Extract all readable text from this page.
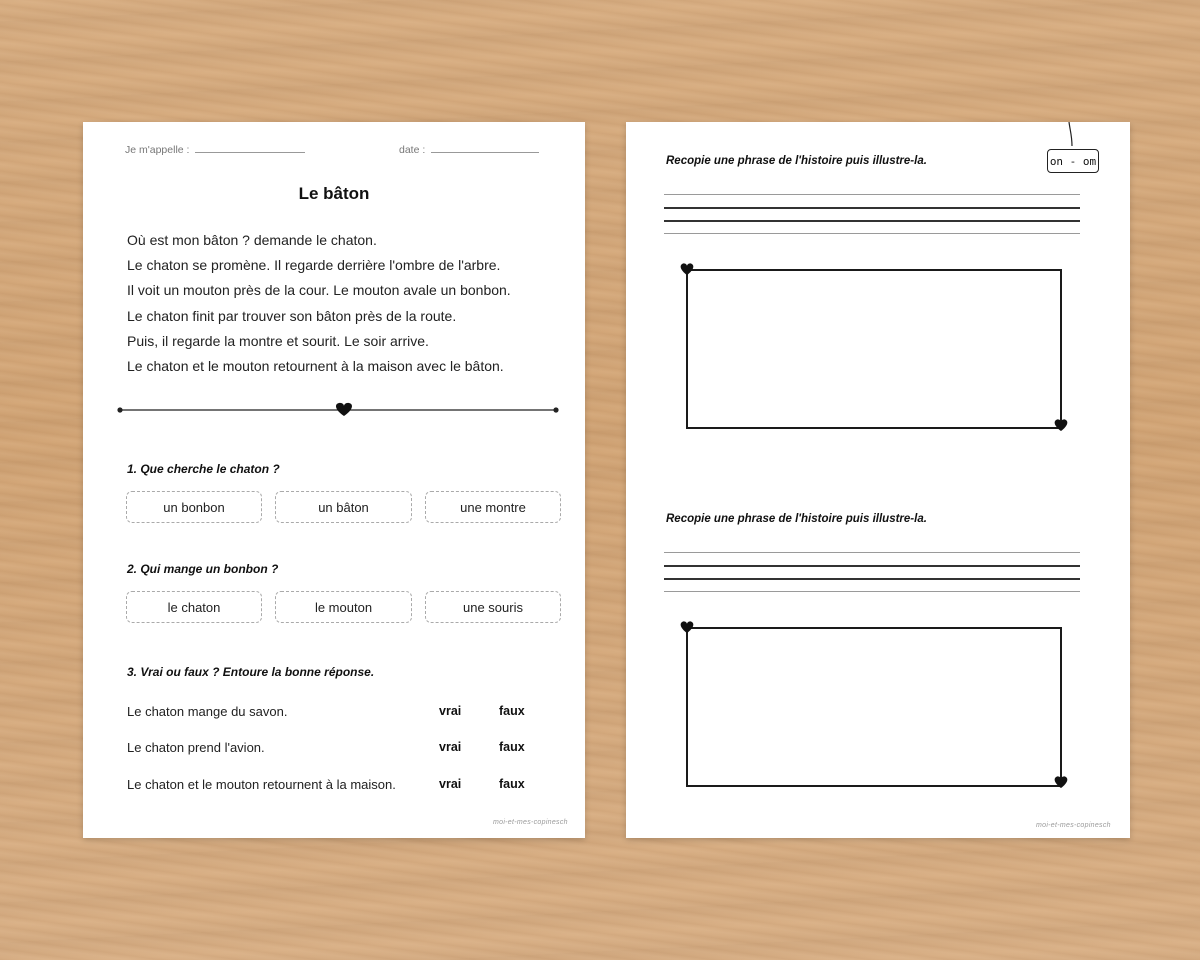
Je m'appelle :	date :
Le bâton

Où est mon bâton ? demande le chaton.

Le chaton se promène. Il regarde derrière l'ombre de l'arbre.

Il voit un mouton près de la cour. Le mouton avale un bonbon.

Le chaton finit par trouver son bâton près de la route.

Puis, il regarde la montre et sourit. Le soir arrive.

Le chaton et le mouton retournent à la maison avec le bâton.

1. Que cherche le chaton ?
un bonbon	un bâton	une montre
2. Qui mange un bonbon ?
le chaton	le mouton	une souris
3. Vrai ou faux ? Entoure la bonne réponse.
Le chaton mange du savon.	vrai	faux
Le chaton prend l'avion.	vrai	faux
Le chaton et le mouton retournent à la maison.	vrai	faux
moi-et-mes-copinesch
on - om
Recopie une phrase de l'histoire puis illustre-la.
Recopie une phrase de l'histoire puis illustre-la.
moi-et-mes-copinesch
